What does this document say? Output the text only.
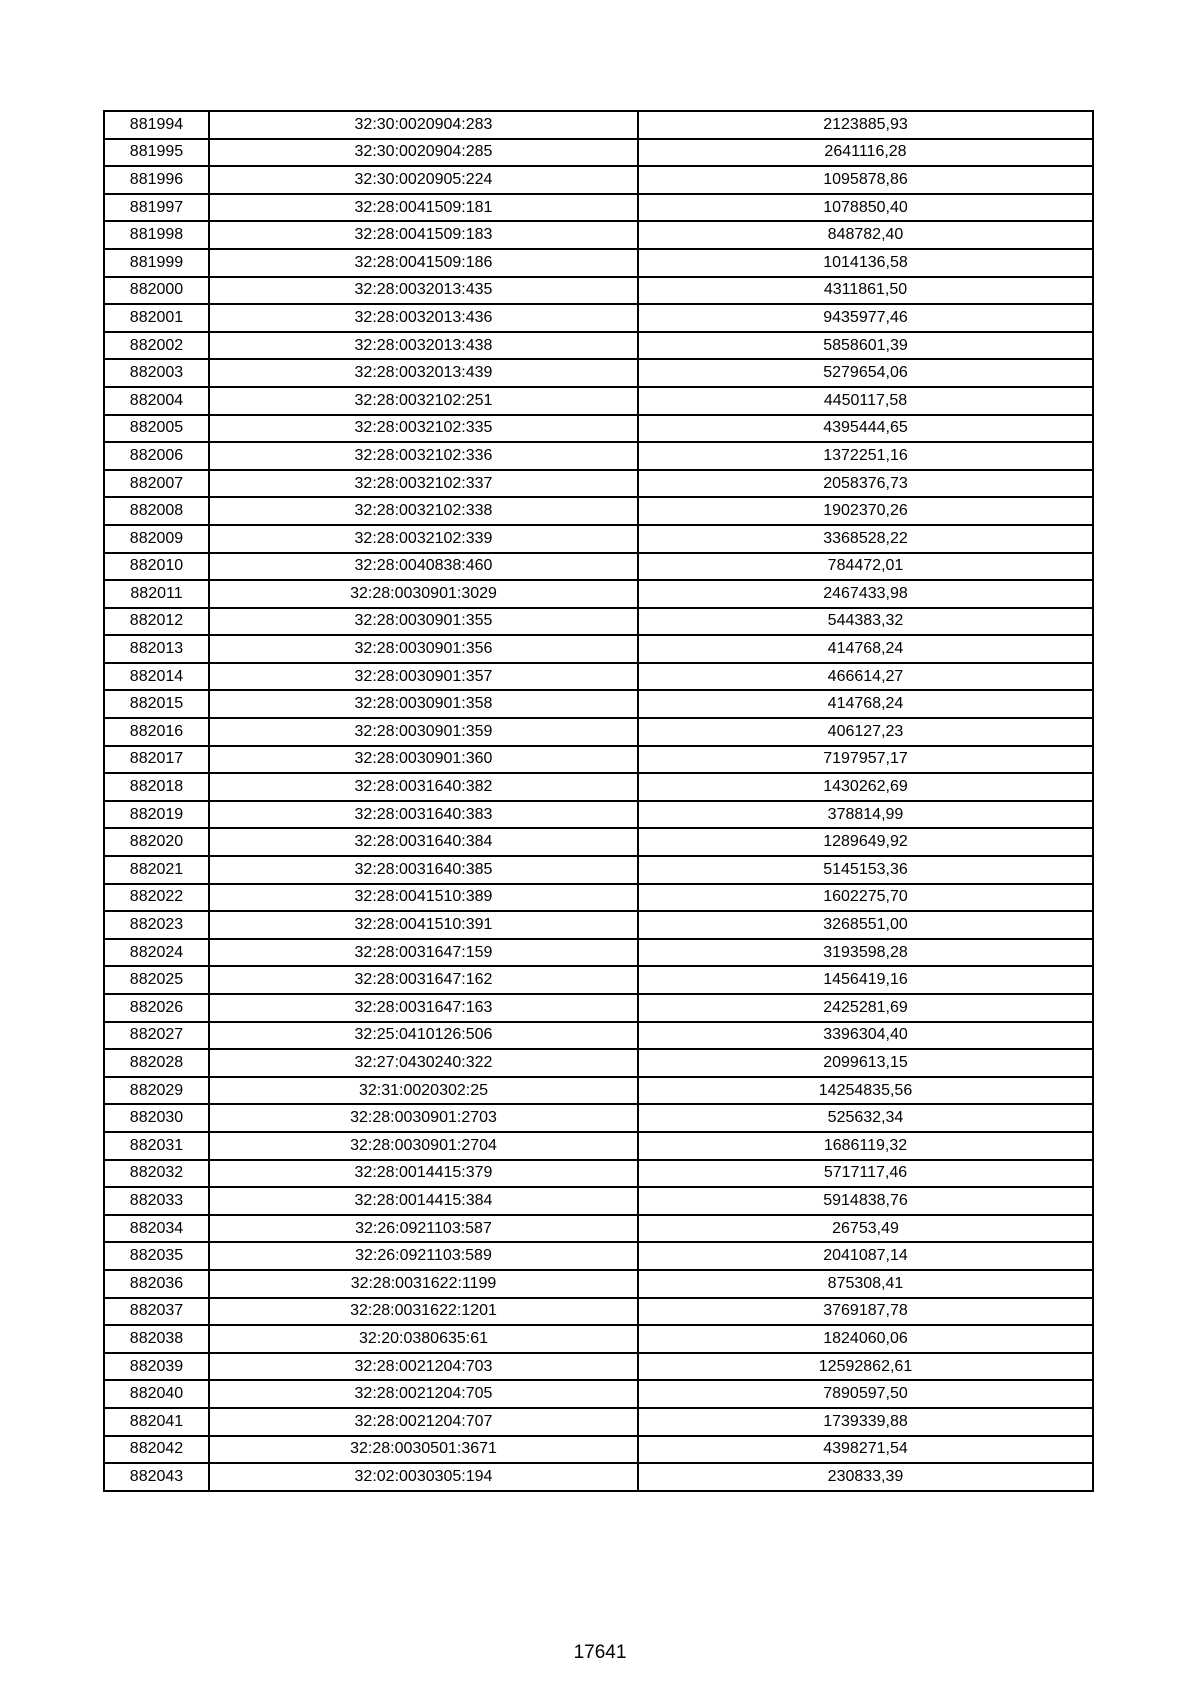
881994	32:30:0020904:283	2123885,93
881995	32:30:0020904:285	2641116,28
881996	32:30:0020905:224	1095878,86
881997	32:28:0041509:181	1078850,40
881998	32:28:0041509:183	848782,40
881999	32:28:0041509:186	1014136,58
882000	32:28:0032013:435	4311861,50
882001	32:28:0032013:436	9435977,46
882002	32:28:0032013:438	5858601,39
882003	32:28:0032013:439	5279654,06
882004	32:28:0032102:251	4450117,58
882005	32:28:0032102:335	4395444,65
882006	32:28:0032102:336	1372251,16
882007	32:28:0032102:337	2058376,73
882008	32:28:0032102:338	1902370,26
882009	32:28:0032102:339	3368528,22
882010	32:28:0040838:460	784472,01
882011	32:28:0030901:3029	2467433,98
882012	32:28:0030901:355	544383,32
882013	32:28:0030901:356	414768,24
882014	32:28:0030901:357	466614,27
882015	32:28:0030901:358	414768,24
882016	32:28:0030901:359	406127,23
882017	32:28:0030901:360	7197957,17
882018	32:28:0031640:382	1430262,69
882019	32:28:0031640:383	378814,99
882020	32:28:0031640:384	1289649,92
882021	32:28:0031640:385	5145153,36
882022	32:28:0041510:389	1602275,70
882023	32:28:0041510:391	3268551,00
882024	32:28:0031647:159	3193598,28
882025	32:28:0031647:162	1456419,16
882026	32:28:0031647:163	2425281,69
882027	32:25:0410126:506	3396304,40
882028	32:27:0430240:322	2099613,15
882029	32:31:0020302:25	14254835,56
882030	32:28:0030901:2703	525632,34
882031	32:28:0030901:2704	1686119,32
882032	32:28:0014415:379	5717117,46
882033	32:28:0014415:384	5914838,76
882034	32:26:0921103:587	26753,49
882035	32:26:0921103:589	2041087,14
882036	32:28:0031622:1199	875308,41
882037	32:28:0031622:1201	3769187,78
882038	32:20:0380635:61	1824060,06
882039	32:28:0021204:703	12592862,61
882040	32:28:0021204:705	7890597,50
882041	32:28:0021204:707	1739339,88
882042	32:28:0030501:3671	4398271,54
882043	32:02:0030305:194	230833,39
17641
